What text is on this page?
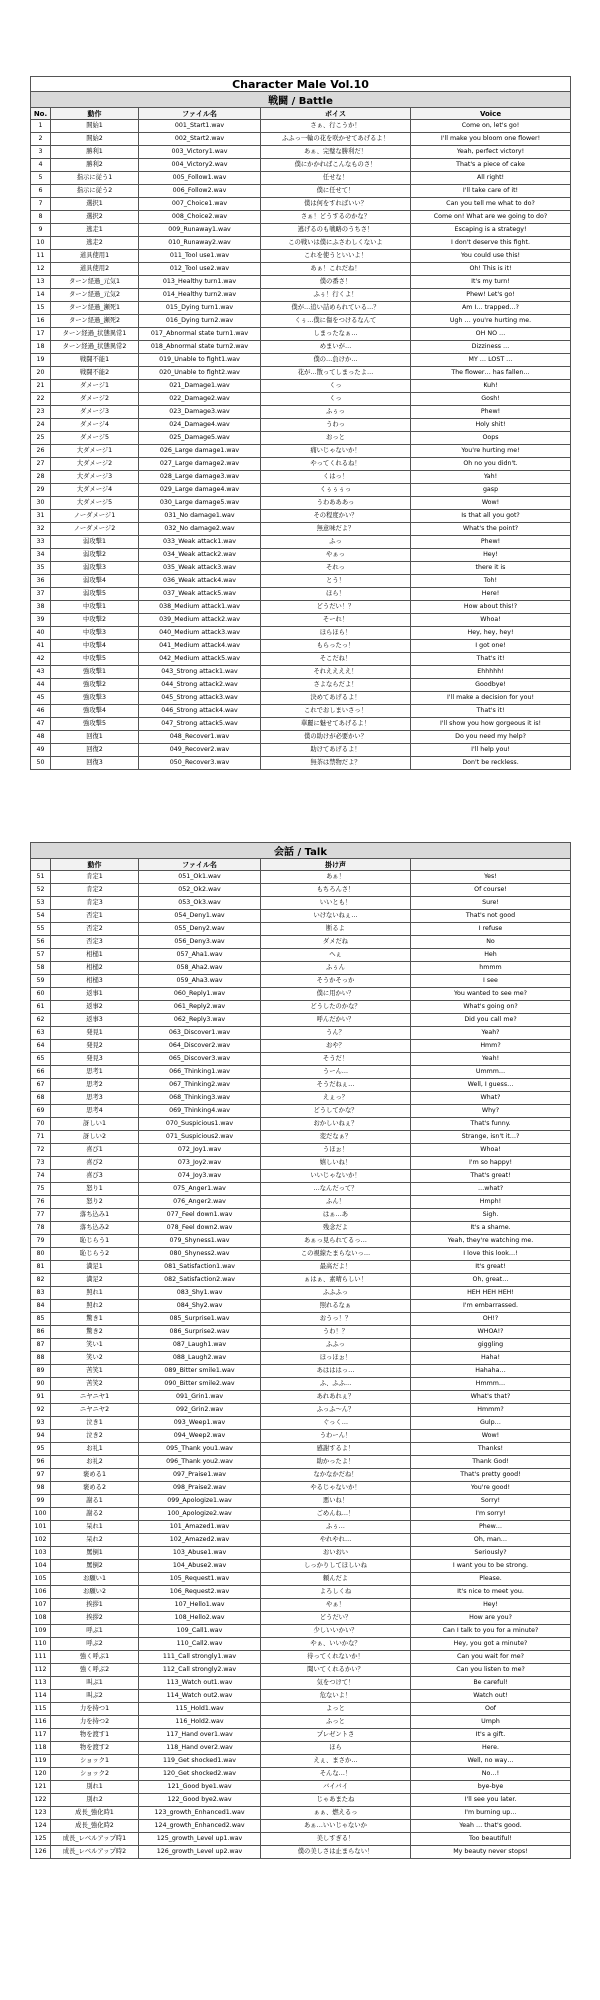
Character Male Vol.10				
戦闘 / Battle				
No.	動作	ファイル名	ボイス	Voice
1	開始1	001_Start1.wav	さぁ、行こうか！	Come on, let's go!
2	開始2	002_Start2.wav	ふふっ一輪の花を咲かせてあげるよ！	I'll make you bloom one flower!
3	勝利1	003_Victory1.wav	あぁ、完璧な勝利だ！	Yeah, perfect victory!
4	勝利2	004_Victory2.wav	僕にかかればこんなものさ！	That's a piece of cake
5	指示に従う1	005_Follow1.wav	任せな！	All right!
6	指示に従う2	006_Follow2.wav	僕に任せて！	I'll take care of it!
7	選択1	007_Choice1.wav	僕は何をすればいい？	Can you tell me what to do?
8	選択2	008_Choice2.wav	さぁ！どうするのかな？	Come on! What are we going to do?
9	逃走1	009_Runaway1.wav	逃げるのも戦略のうちさ！	Escaping is a strategy!
10	逃走2	010_Runaway2.wav	この戦いは僕にふさわしくないよ	I don't deserve this fight.
11	道具使用1	011_Tool use1.wav	これを使うといいよ！	You could use this!
12	道具使用2	012_Tool use2.wav	あぁ！これだね！	Oh! This is it!
13	ターン経過_元気1	013_Healthy turn1.wav	僕の番さ！	It's my turn!
14	ターン経過_元気2	014_Healthy turn2.wav	ふぅ！行くよ！	Phew! Let's go!
15	ターン経過_瀕死1	015_Dying turn1.wav	僕が…追い詰められている…？	Am I… trapped…?
16	ターン経過_瀕死2	016_Dying turn2.wav	くぅ…僕に傷をつけるなんて	Ugh … you're hurting me.
17	ターン経過_状態異常1	017_Abnormal state turn1.wav	しまったなぁ…	OH NO …
18	ターン経過_状態異常2	018_Abnormal state turn2.wav	めまいが…	Dizziness …
19	戦闘不能1	019_Unable to fight1.wav	僕の…負けか…	MY … LOST …
20	戦闘不能2	020_Unable to fight2.wav	花が…散ってしまったよ…	The flower… has fallen…
21	ダメージ1	021_Damage1.wav	くっ	Kuh!
22	ダメージ2	022_Damage2.wav	くっ	Gosh!
23	ダメージ3	023_Damage3.wav	ふぅっ	Phew!
24	ダメージ4	024_Damage4.wav	うわっ	Holy shit!
25	ダメージ5	025_Damage5.wav	おっと	Oops
26	大ダメージ1	026_Large damage1.wav	痛いじゃないか！	You're hurting me!
27	大ダメージ2	027_Large damage2.wav	やってくれるね！	Oh no you didn't.
28	大ダメージ3	028_Large damage3.wav	くはっ！	Yah!
29	大ダメージ4	029_Large damage4.wav	くぅぅぅっ	gasp
30	大ダメージ5	030_Large damage5.wav	うわあああっ	Wow!
31	ノーダメージ1	031_No damage1.wav	その程度かい？	Is that all you got?
32	ノーダメージ2	032_No damage2.wav	無意味だよ？	What's the point?
33	弱攻撃1	033_Weak attack1.wav	ふっ	Phew!
34	弱攻撃2	034_Weak attack2.wav	やぁっ	Hey!
35	弱攻撃3	035_Weak attack3.wav	それっ	there it is
36	弱攻撃4	036_Weak attack4.wav	とう！	Toh!
37	弱攻撃5	037_Weak attack5.wav	ほら！	Here!
38	中攻撃1	038_Medium attack1.wav	どうだい！？	How about this!?
39	中攻撃2	039_Medium attack2.wav	そーれ！	Whoa!
40	中攻撃3	040_Medium attack3.wav	ほらほら！	Hey, hey, hey!
41	中攻撃4	041_Medium attack4.wav	もらったっ！	I got one!
42	中攻撃5	042_Medium attack5.wav	そこだね！	That's it!
43	強攻撃1	043_Strong attack1.wav	それええええ！	Ehhhhh!
44	強攻撃2	044_Strong attack2.wav	さよならだよ！	Goodbye!
45	強攻撃3	045_Strong attack3.wav	決めてあげるよ！	I'll make a decision for you!
46	強攻撃4	046_Strong attack4.wav	これでおしまいさっ！	That's it!
47	強攻撃5	047_Strong attack5.wav	華麗に魅せてあげるよ！	I'll show you how gorgeous it is!
48	回復1	048_Recover1.wav	僕の助けが必要かい？	Do you need my help?
49	回復2	049_Recover2.wav	助けてあげるよ！	I'll help you!
50	回復3	050_Recover3.wav	無茶は禁物だよ？	Don't be reckless.
会話 / Talk				
	動作	ファイル名	掛け声	
51	肯定1	051_Ok1.wav	あぁ！	Yes!
52	肯定2	052_Ok2.wav	もちろんさ！	Of course!
53	肯定3	053_Ok3.wav	いいとも！	Sure!
54	否定1	054_Deny1.wav	いけないねぇ…	That's not good
55	否定2	055_Deny2.wav	断るよ	I refuse
56	否定3	056_Deny3.wav	ダメだね	No
57	相槌1	057_Aha1.wav	へぇ	Heh
58	相槌2	058_Aha2.wav	ふぅん	hmmm
59	相槌3	059_Aha3.wav	そうかそっか	I see
60	返事1	060_Reply1.wav	僕に用かい？	You wanted to see me?
61	返事2	061_Reply2.wav	どうしたのかな？	What's going on?
62	返事3	062_Reply3.wav	呼んだかい？	Did you call me?
63	発見1	063_Discover1.wav	うん？	Yeah?
64	発見2	064_Discover2.wav	おや？	Hmm?
65	発見3	065_Discover3.wav	そうだ！	Yeah!
66	思考1	066_Thinking1.wav	うーん…	Ummm…
67	思考2	067_Thinking2.wav	そうだねぇ…	Well, I guess…
68	思考3	068_Thinking3.wav	えぇっ？	What?
69	思考4	069_Thinking4.wav	どうしてかな？	Why?
70	訝しい1	070_Suspicious1.wav	おかしいねぇ？	That's funny.
71	訝しい2	071_Suspicious2.wav	変だなぁ？	Strange, isn't it…?
72	喜び1	072_Joy1.wav	うほぉ！	Whoa!
73	喜び2	073_Joy2.wav	嬉しいね！	I'm so happy!
74	喜び3	074_Joy3.wav	いいじゃないか！	That's great!
75	怒り1	075_Anger1.wav	…なんだって？	…what?
76	怒り2	076_Anger2.wav	ふん！	Hmph!
77	落ち込み1	077_Feel down1.wav	はぁ…あ	Sigh.
78	落ち込み2	078_Feel down2.wav	残念だよ	It's a shame.
79	恥じらう1	079_Shyness1.wav	あぁっ見られてるっ…	Yeah, they're watching me.
80	恥じらう2	080_Shyness2.wav	この視線たまらないっ…	I love this look…!
81	満足1	081_Satisfaction1.wav	最高だよ！	It's great!
82	満足2	082_Satisfaction2.wav	ぁはぁ、素晴らしい！	Oh, great…
83	照れ1	083_Shy1.wav	ふふふっ	HEH HEH HEH!
84	照れ2	084_Shy2.wav	照れるなぁ	I'm embarrassed.
85	驚き1	085_Surprise1.wav	おうっ！？	OH!?
86	驚き2	086_Surprise2.wav	うわ！？	WHOA!?
87	笑い1	087_Laugh1.wav	ふふっ	giggling
88	笑い2	088_Laugh2.wav	ほっほぉ！	Haha!
89	苦笑1	089_Bitter smile1.wav	あはははっ…	Hahaha…
90	苦笑2	090_Bitter smile2.wav	ふ、ふふ…	Hmmm…
91	ニヤニヤ1	091_Grin1.wav	あれあれぇ？	What's that?
92	ニヤニヤ2	092_Grin2.wav	ふっふ～ん？	Hmmm?
93	泣き1	093_Weep1.wav	ぐっく…	Gulp…
94	泣き2	094_Weep2.wav	うわーん！	Wow!
95	お礼1	095_Thank you1.wav	感謝するよ！	Thanks!
96	お礼2	096_Thank you2.wav	助かったよ！	Thank God!
97	褒める1	097_Praise1.wav	なかなかだね！	That's pretty good!
98	褒める2	098_Praise2.wav	やるじゃないか！	You're good!
99	謝る1	099_Apologize1.wav	悪いね！	Sorry!
100	謝る2	100_Apologize2.wav	ごめんね…！	I'm sorry!
101	呆れ1	101_Amazed1.wav	ふぅ…	Phew…
102	呆れ2	102_Amazed2.wav	やれやれ…	Oh, man…
103	罵倒1	103_Abuse1.wav	おいおい	Seriously?
104	罵倒2	104_Abuse2.wav	しっかりしてほしいね	I want you to be strong.
105	お願い1	105_Request1.wav	頼んだよ	Please.
106	お願い2	106_Request2.wav	よろしくね	It's nice to meet you.
107	挨拶1	107_Hello1.wav	やぁ！	Hey!
108	挨拶2	108_Hello2.wav	どうだい？	How are you?
109	呼ぶ1	109_Call1.wav	少しいいかい？	Can I talk to you for a minute?
110	呼ぶ2	110_Call2.wav	やぁ、いいかな？	Hey, you got a minute?
111	強く呼ぶ1	111_Call strongly1.wav	待ってくれないか！	Can you wait for me?
112	強く呼ぶ2	112_Call strongly2.wav	聞いてくれるかい？	Can you listen to me?
113	叫ぶ1	113_Watch out1.wav	気をつけて！	Be careful!
114	叫ぶ2	114_Watch out2.wav	危ないよ！	Watch out!
115	力を持つ1	115_Hold1.wav	よっと	Oof
116	力を持つ2	116_Hold2.wav	ふっと	Umph
117	物を渡す1	117_Hand over1.wav	プレゼントさ	It's a gift.
118	物を渡す2	118_Hand over2.wav	ほら	Here.
119	ショック1	119_Get shocked1.wav	えぇ、まさか…	Well, no way…
120	ショック2	120_Get shocked2.wav	そんな…！	No…!
121	別れ1	121_Good bye1.wav	バイバイ	bye-bye
122	別れ2	122_Good bye2.wav	じゃあまたね	I'll see you later.
123	成長_強化時1	123_growth_Enhanced1.wav	ぁぁ、燃えるっ	I'm burning up…
124	成長_強化時2	124_growth_Enhanced2.wav	あぁ…いいじゃないか	Yeah … that's good.
125	成長_レベルアップ時1	125_growth_Level up1.wav	美しすぎる！	Too beautiful!
126	成長_レベルアップ時2	126_growth_Level up2.wav	僕の美しさは止まらない！	My beauty never stops!
